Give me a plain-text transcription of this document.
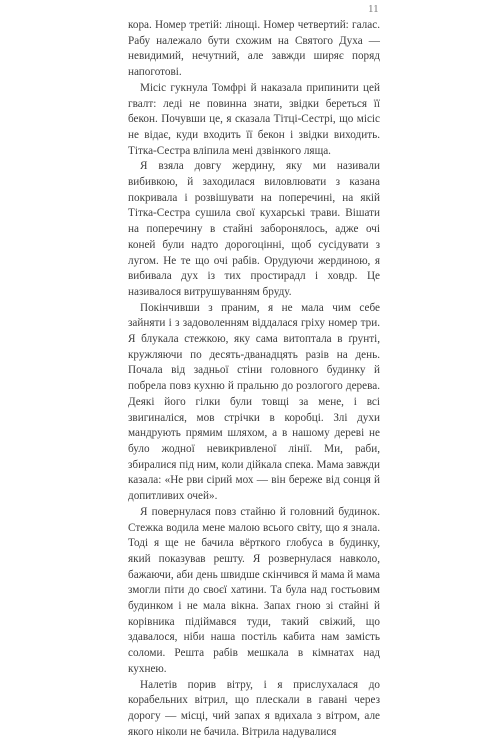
11

кора. Номер третій: лінощі. Номер четвертий: галас. Рабу належало бути схожим на Святого Духа — невидимий, нечутний, але завжди ширяє поряд напоготові.

Місіс гукнула Томфрі й наказала припинити цей гвалт: леді не повинна знати, звідки береться її бекон. Почувши це, я сказала Тітці-Сестрі, що місіс не відає, куди входить її бекон і звідки виходить. Тітка-Сестра вліпила мені дзвінкого ляща.

Я взяла довгу жердину, яку ми називали вибивкою, й заходилася виловлювати з казана покривала і розвішувати на поперечині, на якій Тітка-Сестра сушила свої кухарські трави. Вішати на поперечину в стайні заборонялось, адже очі коней були надто дорогоцінні, щоб сусідувати з лугом. Не те що очі рабів. Орудуючи жердиною, я вибивала дух із тих простирадл і ховдр. Це називалося витрушуванням бруду.

Покінчивши з праним, я не мала чим себе зайняти і з задоволенням віддалася гріху номер три. Я блукала стежкою, яку сама витоптала в ґрунті, кружляючи по десять-дванадцять разів на день. Почала від задньої стіни головного будинку й побрела повз кухню й пральню до розлогого дерева. Деякі його гілки були товщі за мене, і всі звигиналіся, мов стрічки в коробці. Злі духи мандрують прямим шляхом, а в нашому дереві не було жодної невикривленої лінії. Ми, раби, збиралися під ним, коли дійкала спека. Мама завжди казала: «Не рви сірий мох — він береже від сонця й допитливих очей».

Я повернулася повз стайню й головний будинок. Стежка водила мене малою всього світу, що я знала. Тоді я ще не бачила вёрткого глобуса в будинку, який показував решту. Я розвернулася навколо, бажаючи, аби день швидше скінчився й мама й мама змогли піти до своєї хатини. Та була над гостьовим будинком і не мала вікна. Запах гною зі стайні й корівника підіймався туди, такий свіжий, що здавалося, ніби наша постіль кабита нам замість соломи. Решта рабів мешкала в кімнатах над кухнею.

Налетів порив вітру, і я прислухалася до корабельних вітрил, що плескали в гавані через дорогу — місці, чий запах я вдихала з вітром, але якого ніколи не бачила. Вітрила надувалися
